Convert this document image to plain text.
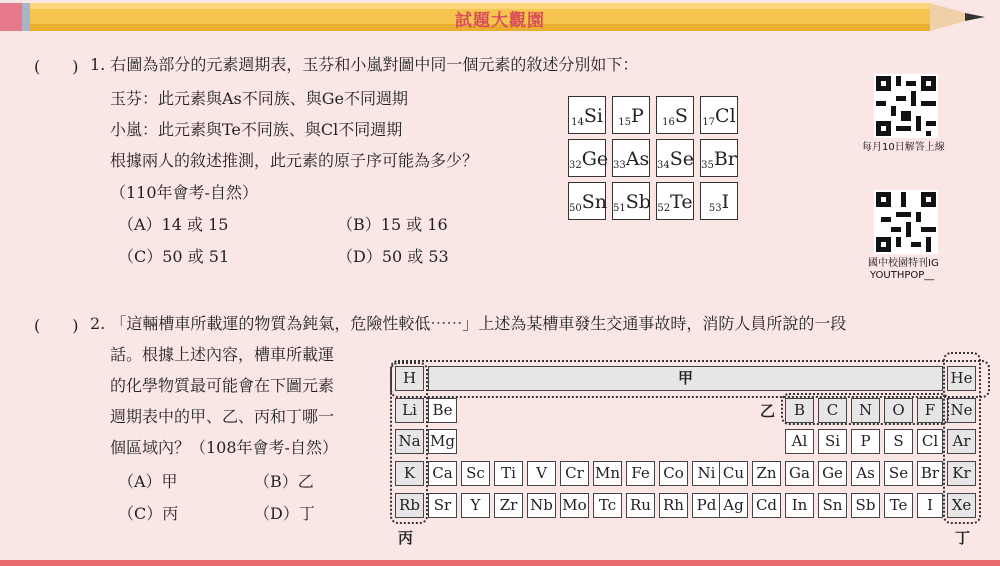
試題大觀園
(　　) 1. 右圖為部分的元素週期表，玉芬和小嵐對圖中同一個元素的敘述分別如下：
玉芬：此元素與As不同族、與Ge不同週期
小嵐：此元素與Te不同族、與Cl不同週期
根據兩人的敘述推測，此元素的原子序可能為多少？
（110年會考-自然）
（A）14 或 15	（B）15 或 16
（C）50 或 51	（D）50 或 53
$_{14}$Si	$_{15}$P	$_{16}$S	$_{17}$Cl
$_{32}$Ge $_{33}$As $_{34}$Se $_{35}$Br
$_{50}$Sn $_{51}$Sb $_{52}$Te	$_{53}$I
每月10日解答上線
國中校園特刊IG
YOUTHPOP__
(　　) 2. 「這輛槽車所載運的物質為鈍氣，危險性較低⋯⋯」上述為某槽車發生交通事故時，消防人員所說的一段
話。根據上述內容，槽車所載運
的化學物質最可能會在下圖元素
週期表中的甲、乙、丙和丁哪一
個區域內？（108年會考-自然）
（A）甲	（B）乙
（C）丙	（D）丁
H	甲	He
Li	Be	B	C	N	O	F	Ne
Na Mg	Al	Si	P	S	Cl Ar
K	Ca Sc	Ti	V	Cr Mn Fe Co Ni Cu Zn Ga Ge As Se Br Kr
Rb Sr	Y	Zr Nb Mo Tc Ru Rh Pd Ag Cd In	Sn Sb Te	I	Xe
乙
丙	丁
